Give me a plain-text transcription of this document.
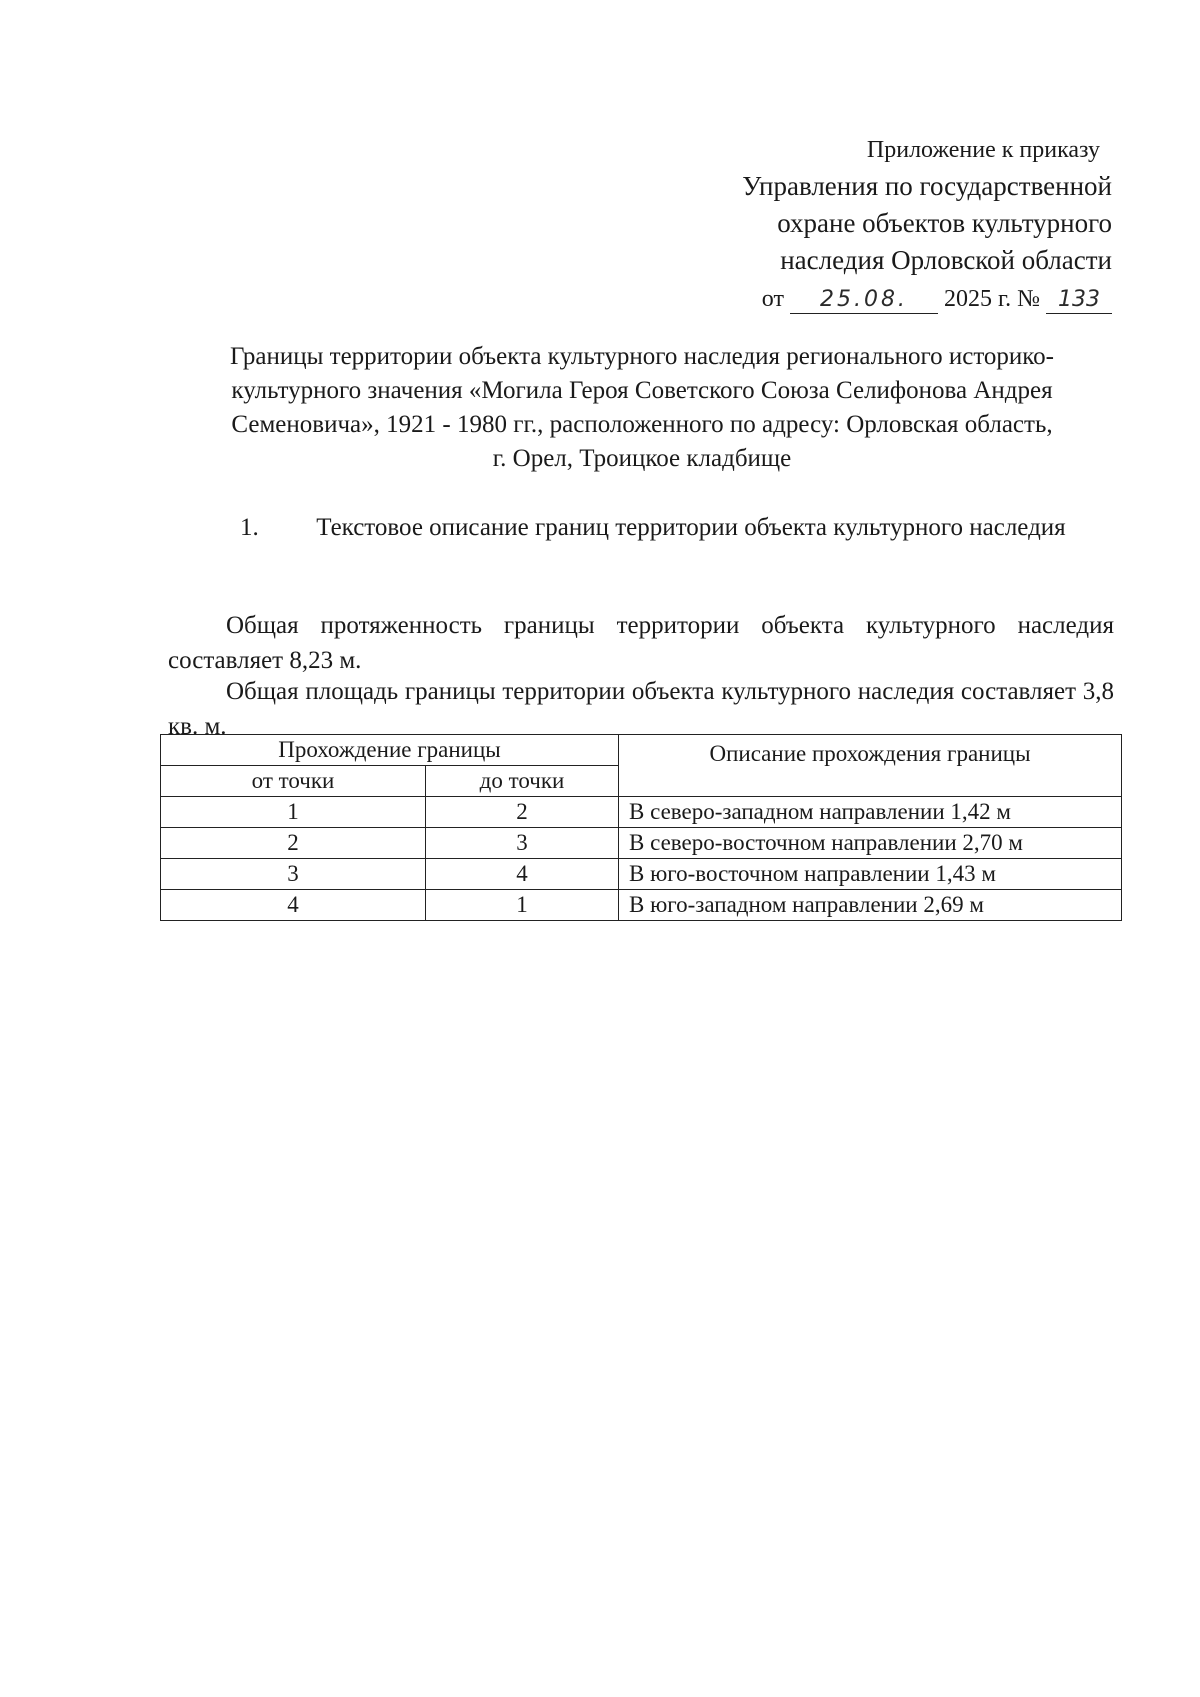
Приложение к приказу
Управления по государственной
охране объектов культурного
наследия Орловской области
от 25.08. 2025 г. № 133
Границы территории объекта культурного наследия регионального историко-
культурного значения «Могила Героя Советского Союза Селифонова Андрея
Семеновича», 1921 - 1980 гг., расположенного по адресу: Орловская область,
г. Орел, Троицкое кладбище
1. Текстовое описание границ территории объекта культурного наследия
Общая протяженность границы территории объекта культурного наследия составляет 8,23 м.
Общая площадь границы территории объекта культурного наследия составляет 3,8 кв. м.
Прохождение границы		Описание прохождения границы
от точки	до точки	
1	2	В северо-западном направлении 1,42 м
2	3	В северо-восточном направлении 2,70 м
3	4	В юго-восточном направлении 1,43 м
4	1	В юго-западном направлении 2,69 м
